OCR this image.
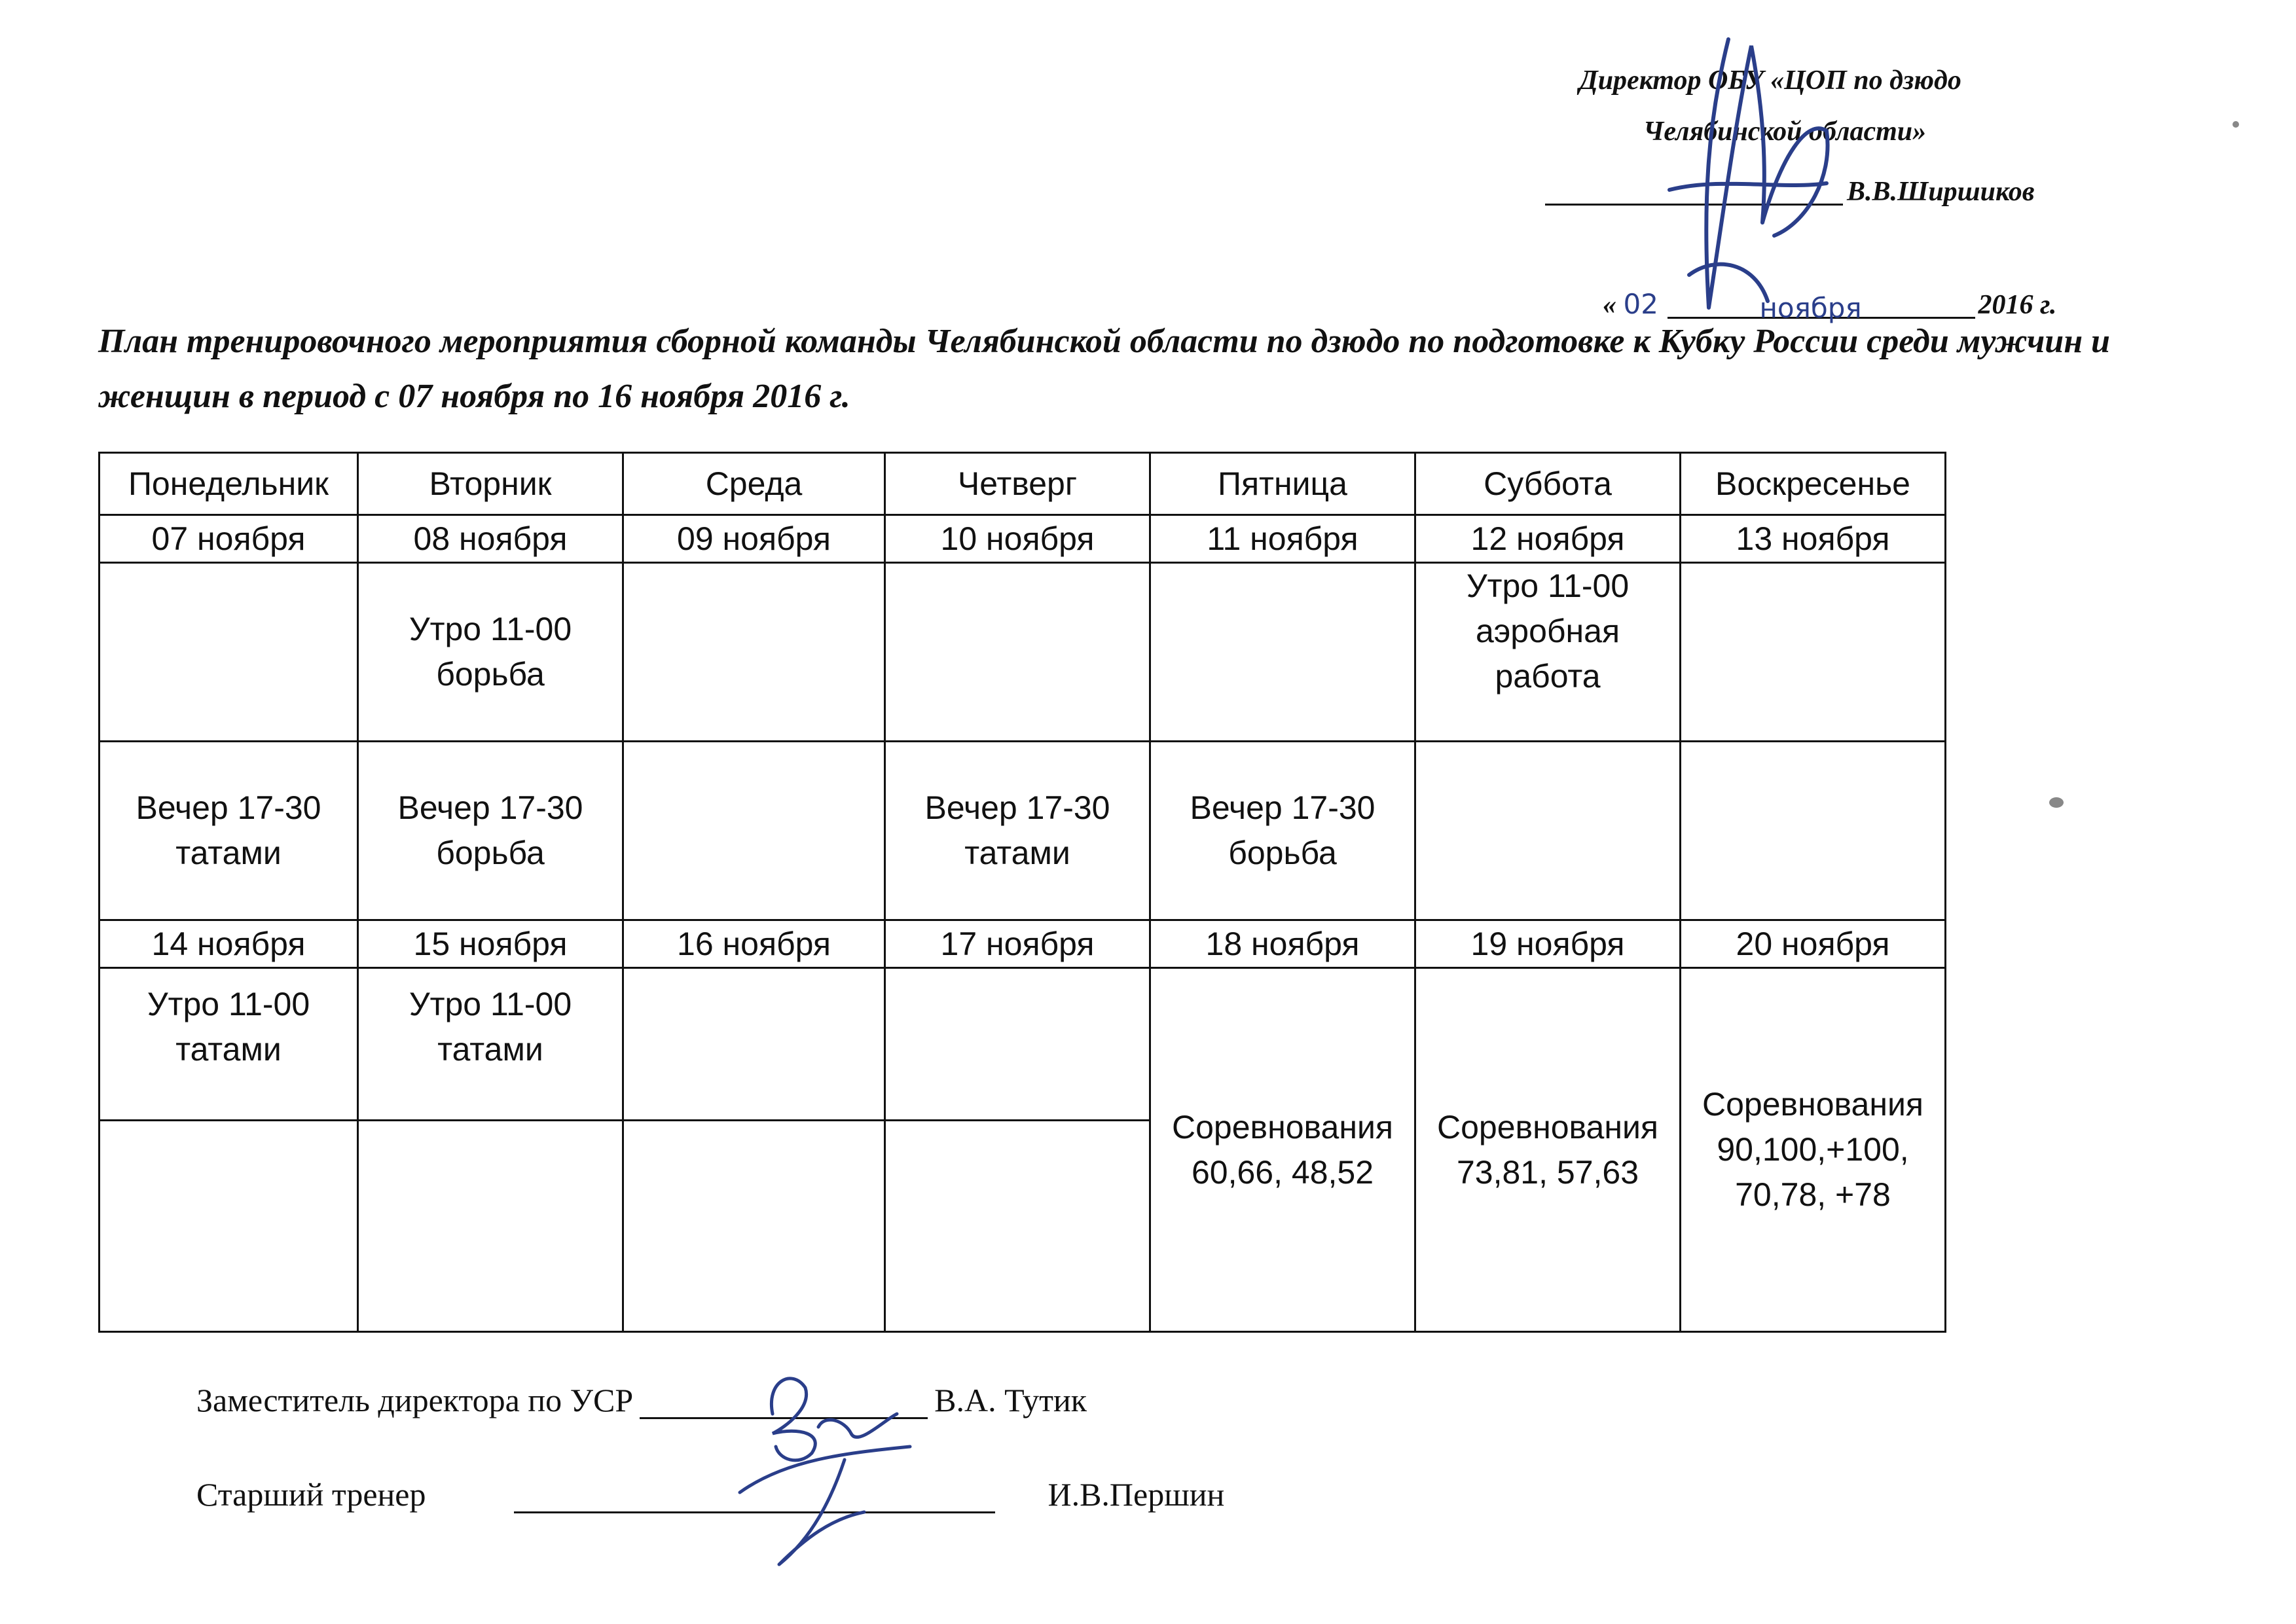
Директор ОБУ «ЦОП по дзюдо
Челябинской области»
В.В.Ширшиков
« 02	ноября	2016 г.
План тренировочного мероприятия сборной команды Челябинской области по дзюдо по подготовке к Кубку России среди мужчин и женщин в период с 07 ноября по 16 ноября 2016 г.
Понедельник	Вторник	Среда	Четверг	Пятница	Суббота	Воскресенье
07 ноября	08 ноября	09 ноября	10 ноября	11 ноября	12 ноября	13 ноября
	Утро 11-00 борьба				Утро 11-00 аэробная работа	
Вечер 17-30 татами	Вечер 17-30 борьба		Вечер 17-30 татами	Вечер 17-30 борьба		
14 ноября	15 ноября	16 ноября	17 ноября	18 ноября	19 ноября	20 ноября
Утро 11-00 татами	Утро 11-00 татами			Соревнования 60,66, 48,52	Соревнования 73,81, 57,63	Соревнования 90,100,+100, 70,78, +78

Заместитель директора по УСР	В.А. Тутик
Старший тренер	И.В.Першин
